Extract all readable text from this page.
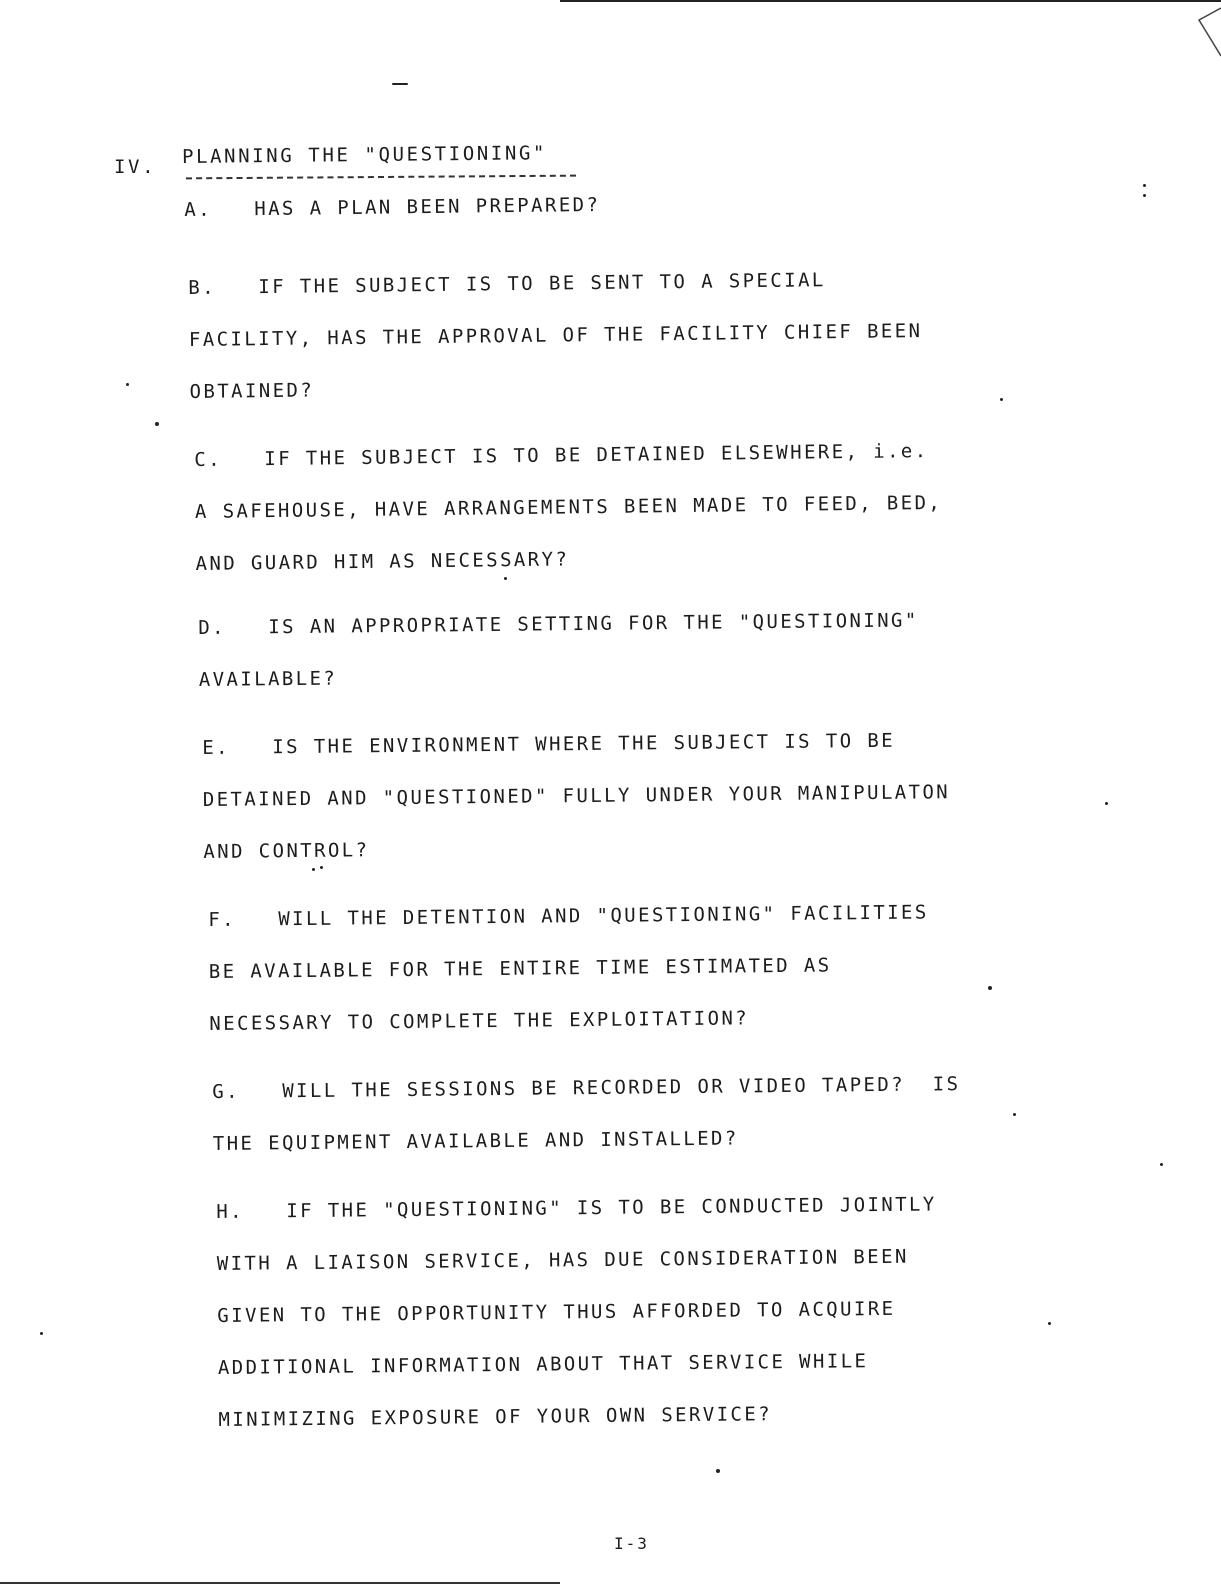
IV. PLANNING THE "QUESTIONING"
A. HAS A PLAN BEEN PREPARED?
B. IF THE SUBJECT IS TO BE SENT TO A SPECIAL
FACILITY, HAS THE APPROVAL OF THE FACILITY CHIEF BEEN
OBTAINED?
C. IF THE SUBJECT IS TO BE DETAINED ELSEWHERE, i.e.
A SAFEHOUSE, HAVE ARRANGEMENTS BEEN MADE TO FEED, BED,
AND GUARD HIM AS NECESSARY?
D. IS AN APPROPRIATE SETTING FOR THE "QUESTIONING"
AVAILABLE?
E. IS THE ENVIRONMENT WHERE THE SUBJECT IS TO BE
DETAINED AND "QUESTIONED" FULLY UNDER YOUR MANIPULATON
AND CONTROL?
F. WILL THE DETENTION AND "QUESTIONING" FACILITIES
BE AVAILABLE FOR THE ENTIRE TIME ESTIMATED AS
NECESSARY TO COMPLETE THE EXPLOITATION?
G. WILL THE SESSIONS BE RECORDED OR VIDEO TAPED?  IS
THE EQUIPMENT AVAILABLE AND INSTALLED?
H. IF THE "QUESTIONING" IS TO BE CONDUCTED JOINTLY
WITH A LIAISON SERVICE, HAS DUE CONSIDERATION BEEN
GIVEN TO THE OPPORTUNITY THUS AFFORDED TO ACQUIRE
ADDITIONAL INFORMATION ABOUT THAT SERVICE WHILE
MINIMIZING EXPOSURE OF YOUR OWN SERVICE?
I-3
